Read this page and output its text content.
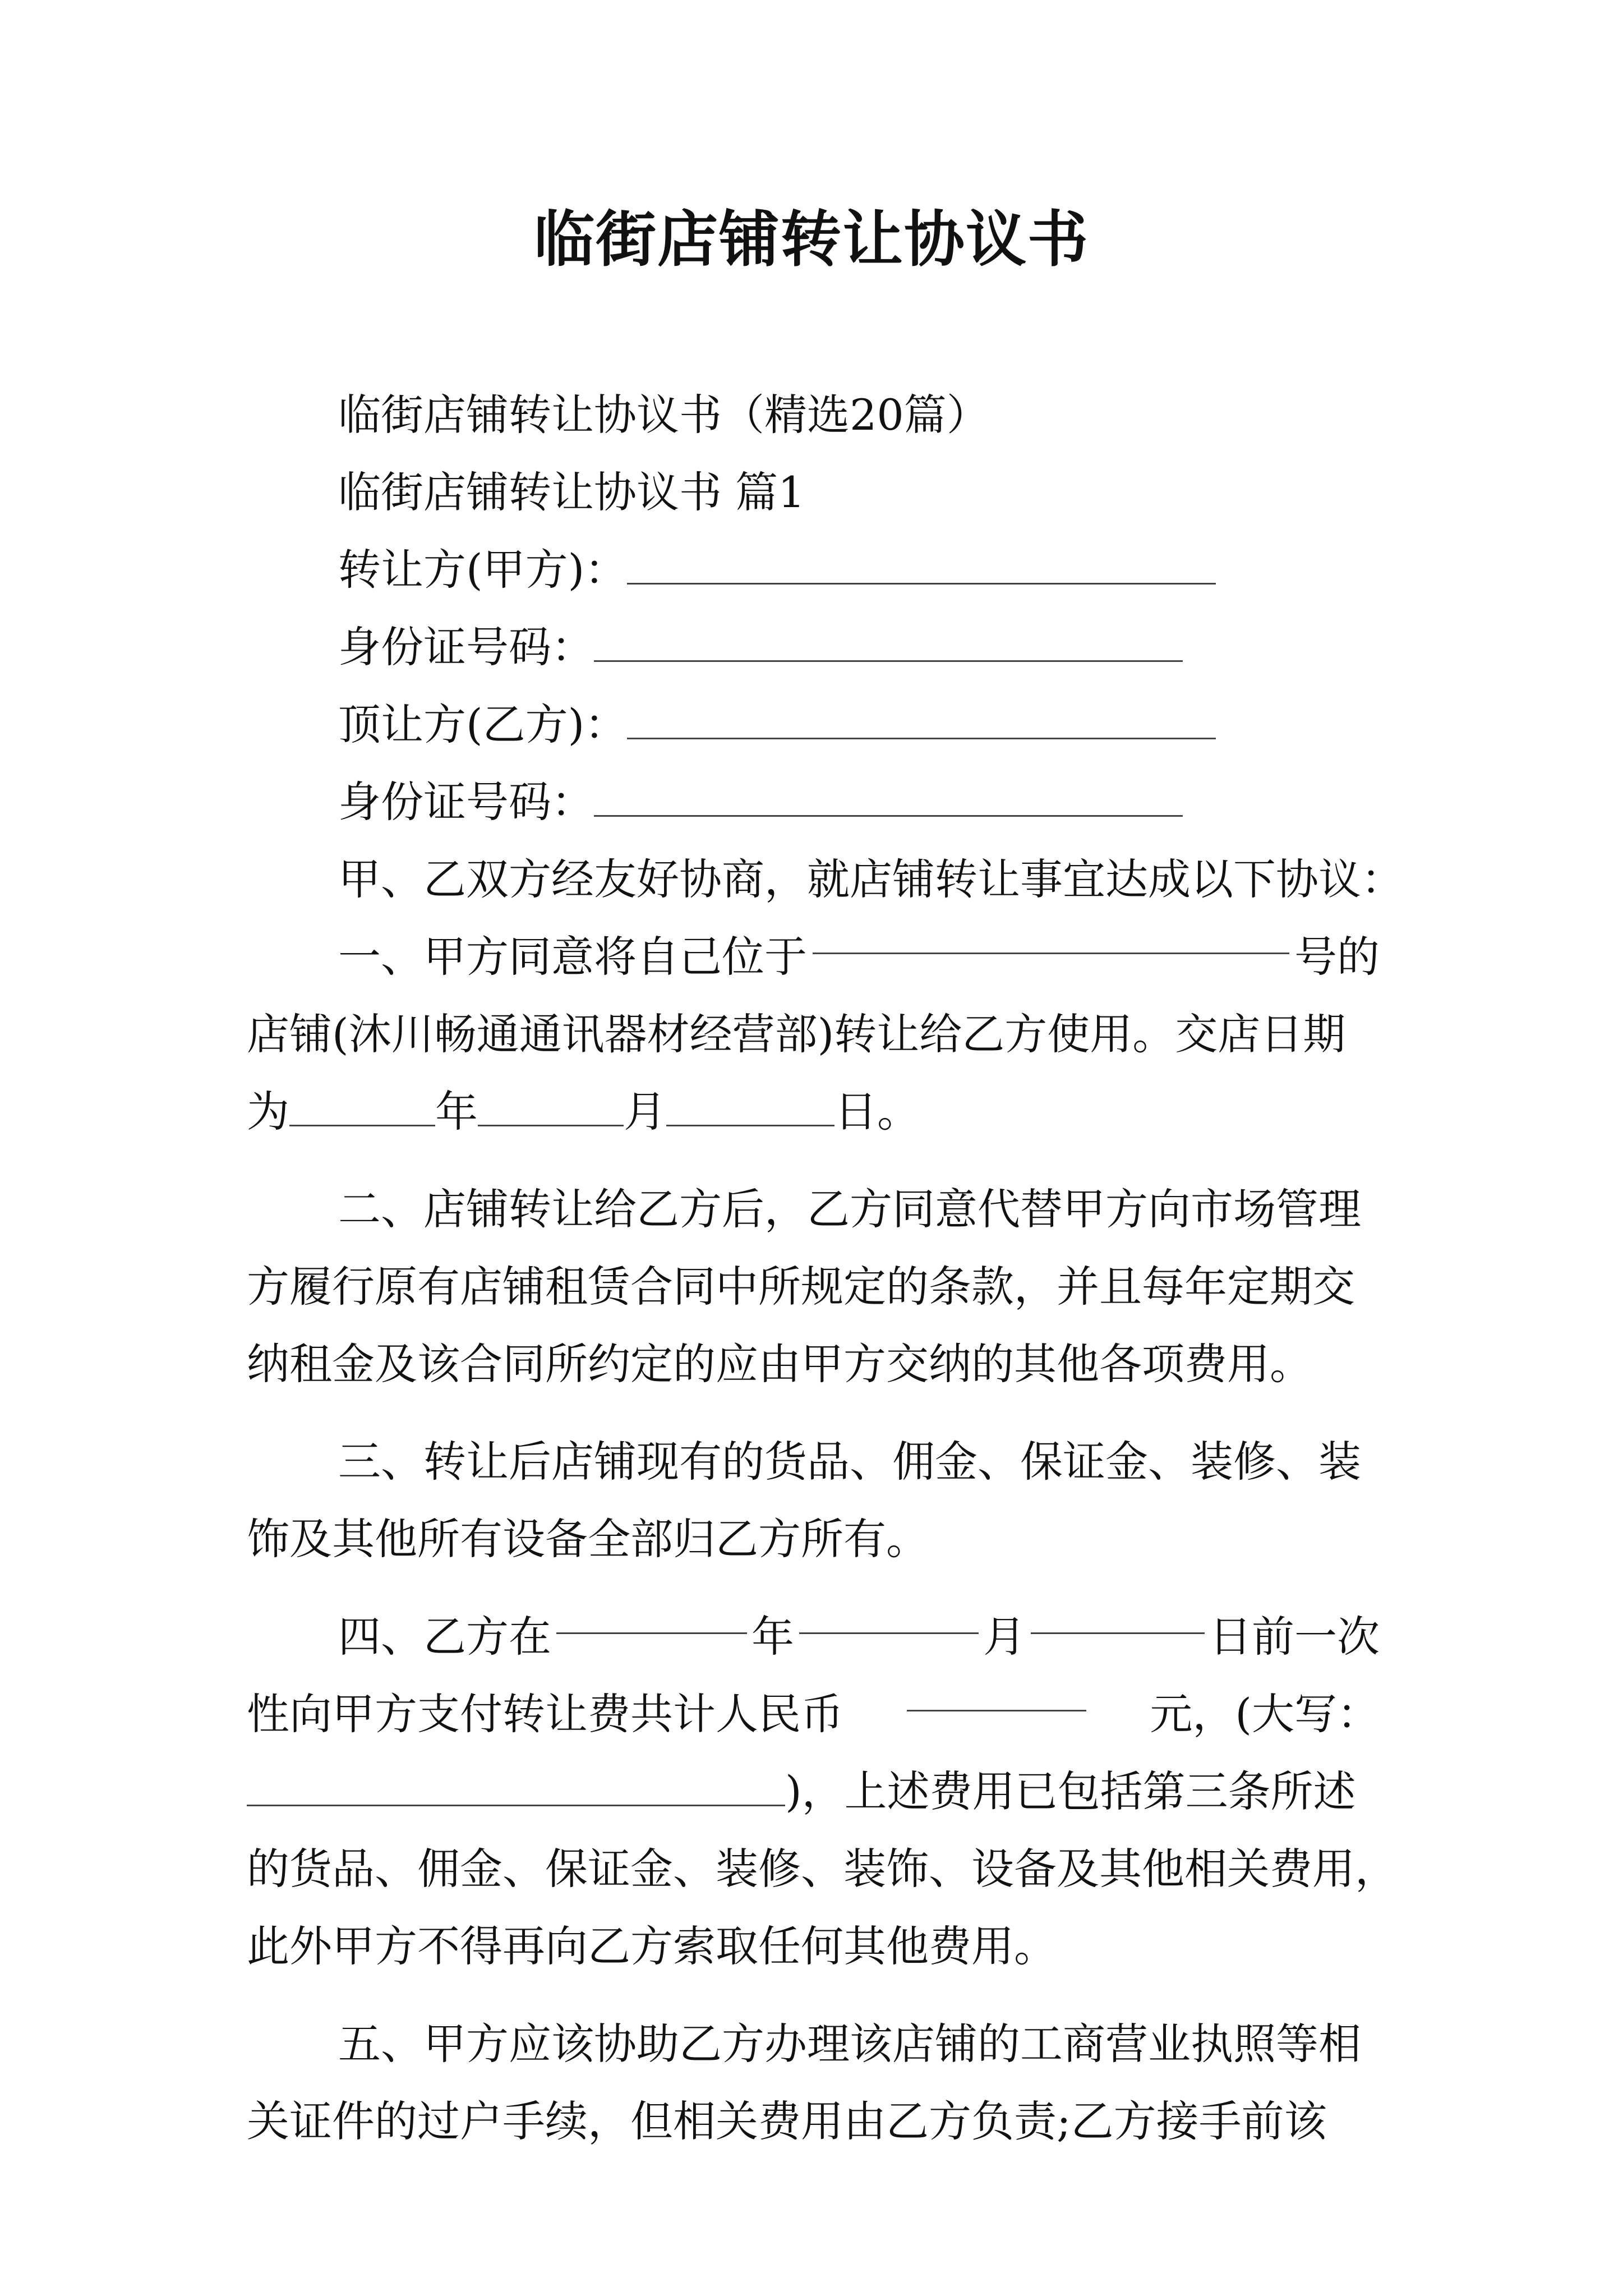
临街店铺转让协议书
临街店铺转让协议书（精选20篇）
临街店铺转让协议书 篇1
转让方(甲方)：
身份证号码：
顶让方(乙方)：
身份证号码：
甲、乙双方经友好协商，就店铺转让事宜达成以下协议：
一、甲方同意将自己位于	号的
店铺(沐川畅通通讯器材经营部)转让给乙方使用。交店日期
为	年	月	日。
二、店铺转让给乙方后，乙方同意代替甲方向市场管理
方履行原有店铺租赁合同中所规定的条款，并且每年定期交
纳租金及该合同所约定的应由甲方交纳的其他各项费用。
三、转让后店铺现有的货品、佣金、保证金、装修、装
饰及其他所有设备全部归乙方所有。
四、乙方在	年	月	日前一次
性向甲方支付转让费共计人民币	元，(大写：
)，上述费用已包括第三条所述
的货品、佣金、保证金、装修、装饰、设备及其他相关费用，
此外甲方不得再向乙方索取任何其他费用。
五、甲方应该协助乙方办理该店铺的工商营业执照等相
关证件的过户手续，但相关费用由乙方负责;乙方接手前该
